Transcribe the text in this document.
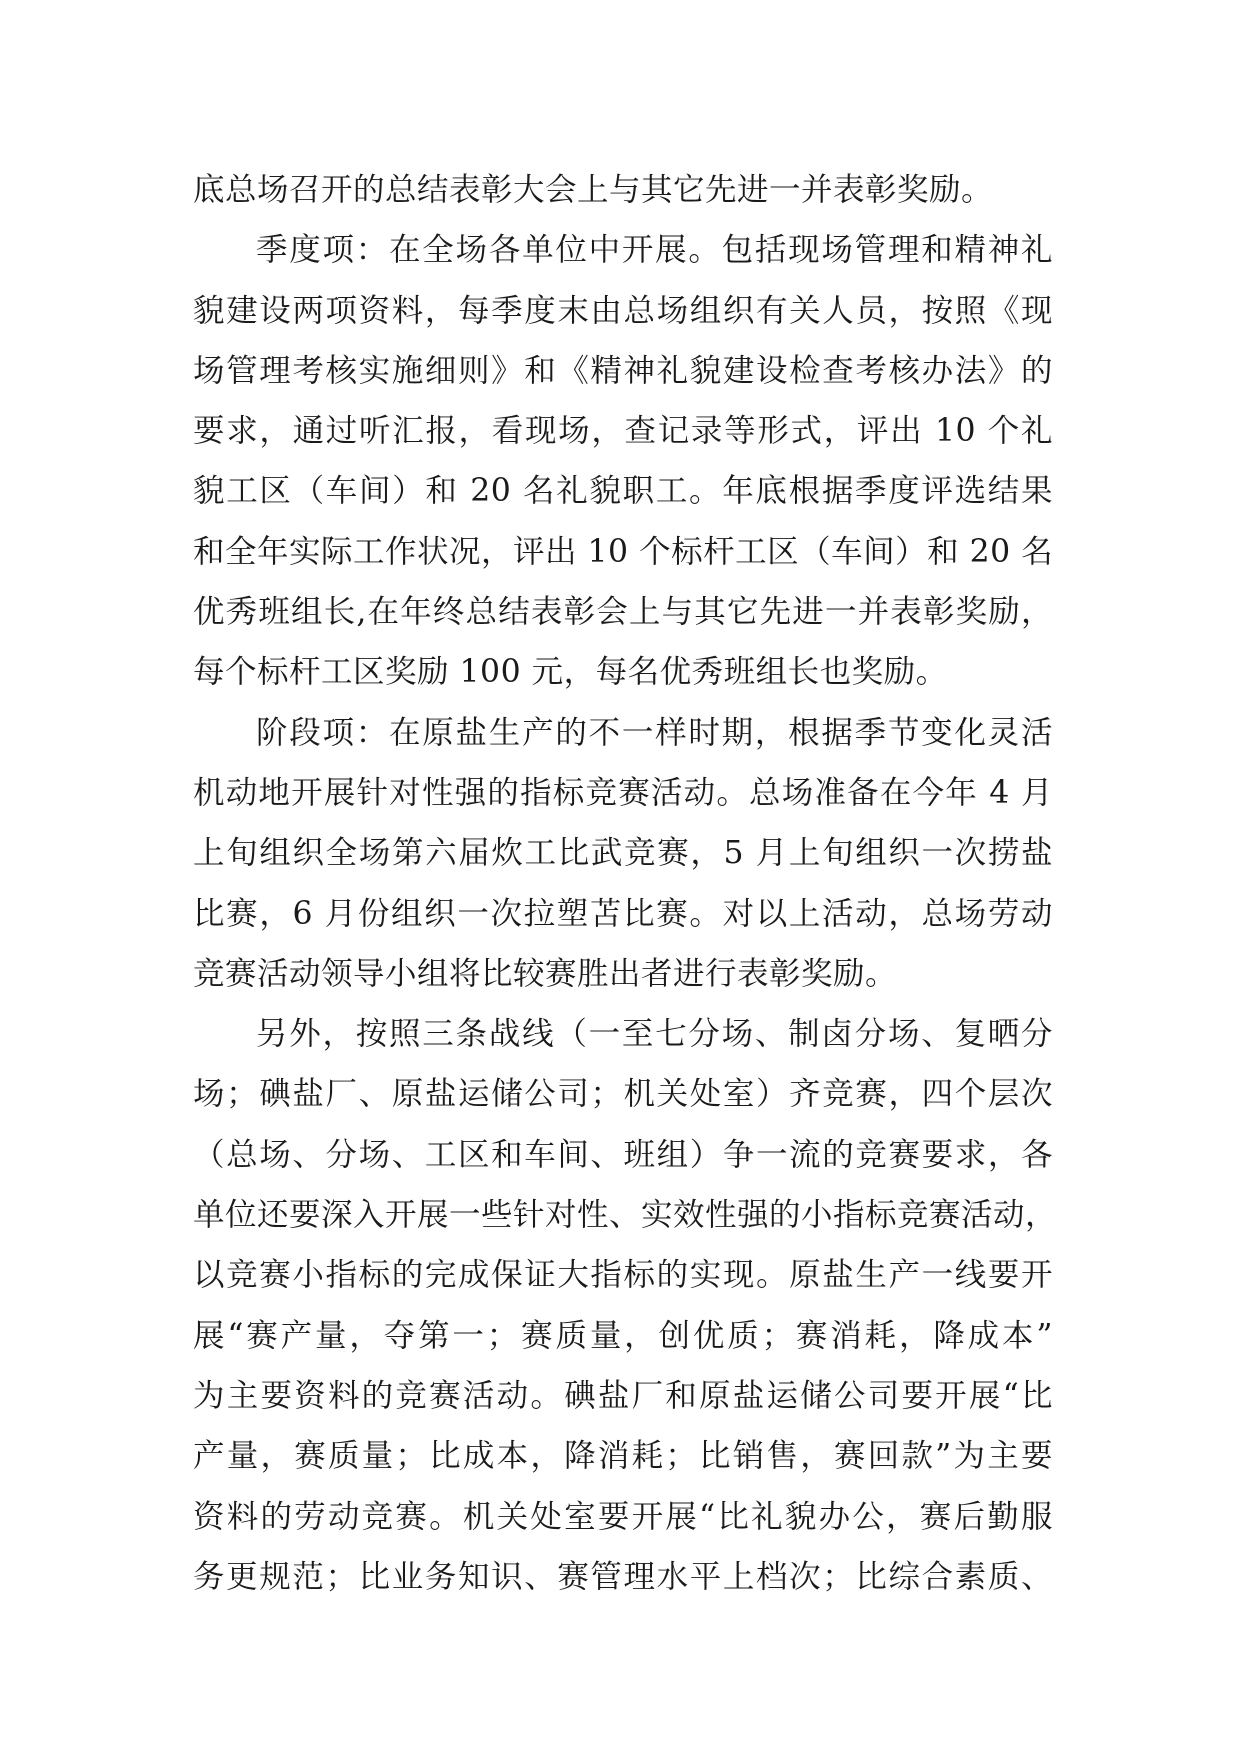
底总场召开的总结表彰大会上与其它先进一并表彰奖励。
季度项：在全场各单位中开展。包括现场管理和精神礼
貌建设两项资料，每季度末由总场组织有关人员，按照《现
场管理考核实施细则》和《精神礼貌建设检查考核办法》的
要求，通过听汇报，看现场，查记录等形式，评出 10 个礼
貌工区（车间）和 20 名礼貌职工。年底根据季度评选结果
和全年实际工作状况，评出 10 个标杆工区（车间）和 20 名
优秀班组长,在年终总结表彰会上与其它先进一并表彰奖励，
每个标杆工区奖励 100 元，每名优秀班组长也奖励。
阶段项：在原盐生产的不一样时期，根据季节变化灵活
机动地开展针对性强的指标竞赛活动。总场准备在今年 4 月
上旬组织全场第六届炊工比武竞赛，5 月上旬组织一次捞盐
比赛，6 月份组织一次拉塑苫比赛。对以上活动，总场劳动
竞赛活动领导小组将比较赛胜出者进行表彰奖励。
另外，按照三条战线（一至七分场、制卤分场、复晒分
场；碘盐厂、原盐运储公司；机关处室）齐竞赛，四个层次
（总场、分场、工区和车间、班组）争一流的竞赛要求，各
单位还要深入开展一些针对性、实效性强的小指标竞赛活动，
以竞赛小指标的完成保证大指标的实现。原盐生产一线要开
展“赛产量，夺第一；赛质量，创优质；赛消耗，降成本”
为主要资料的竞赛活动。碘盐厂和原盐运储公司要开展“比
产量，赛质量；比成本，降消耗；比销售，赛回款”为主要
资料的劳动竞赛。机关处室要开展“比礼貌办公，赛后勤服
务更规范；比业务知识、赛管理水平上档次；比综合素质、
